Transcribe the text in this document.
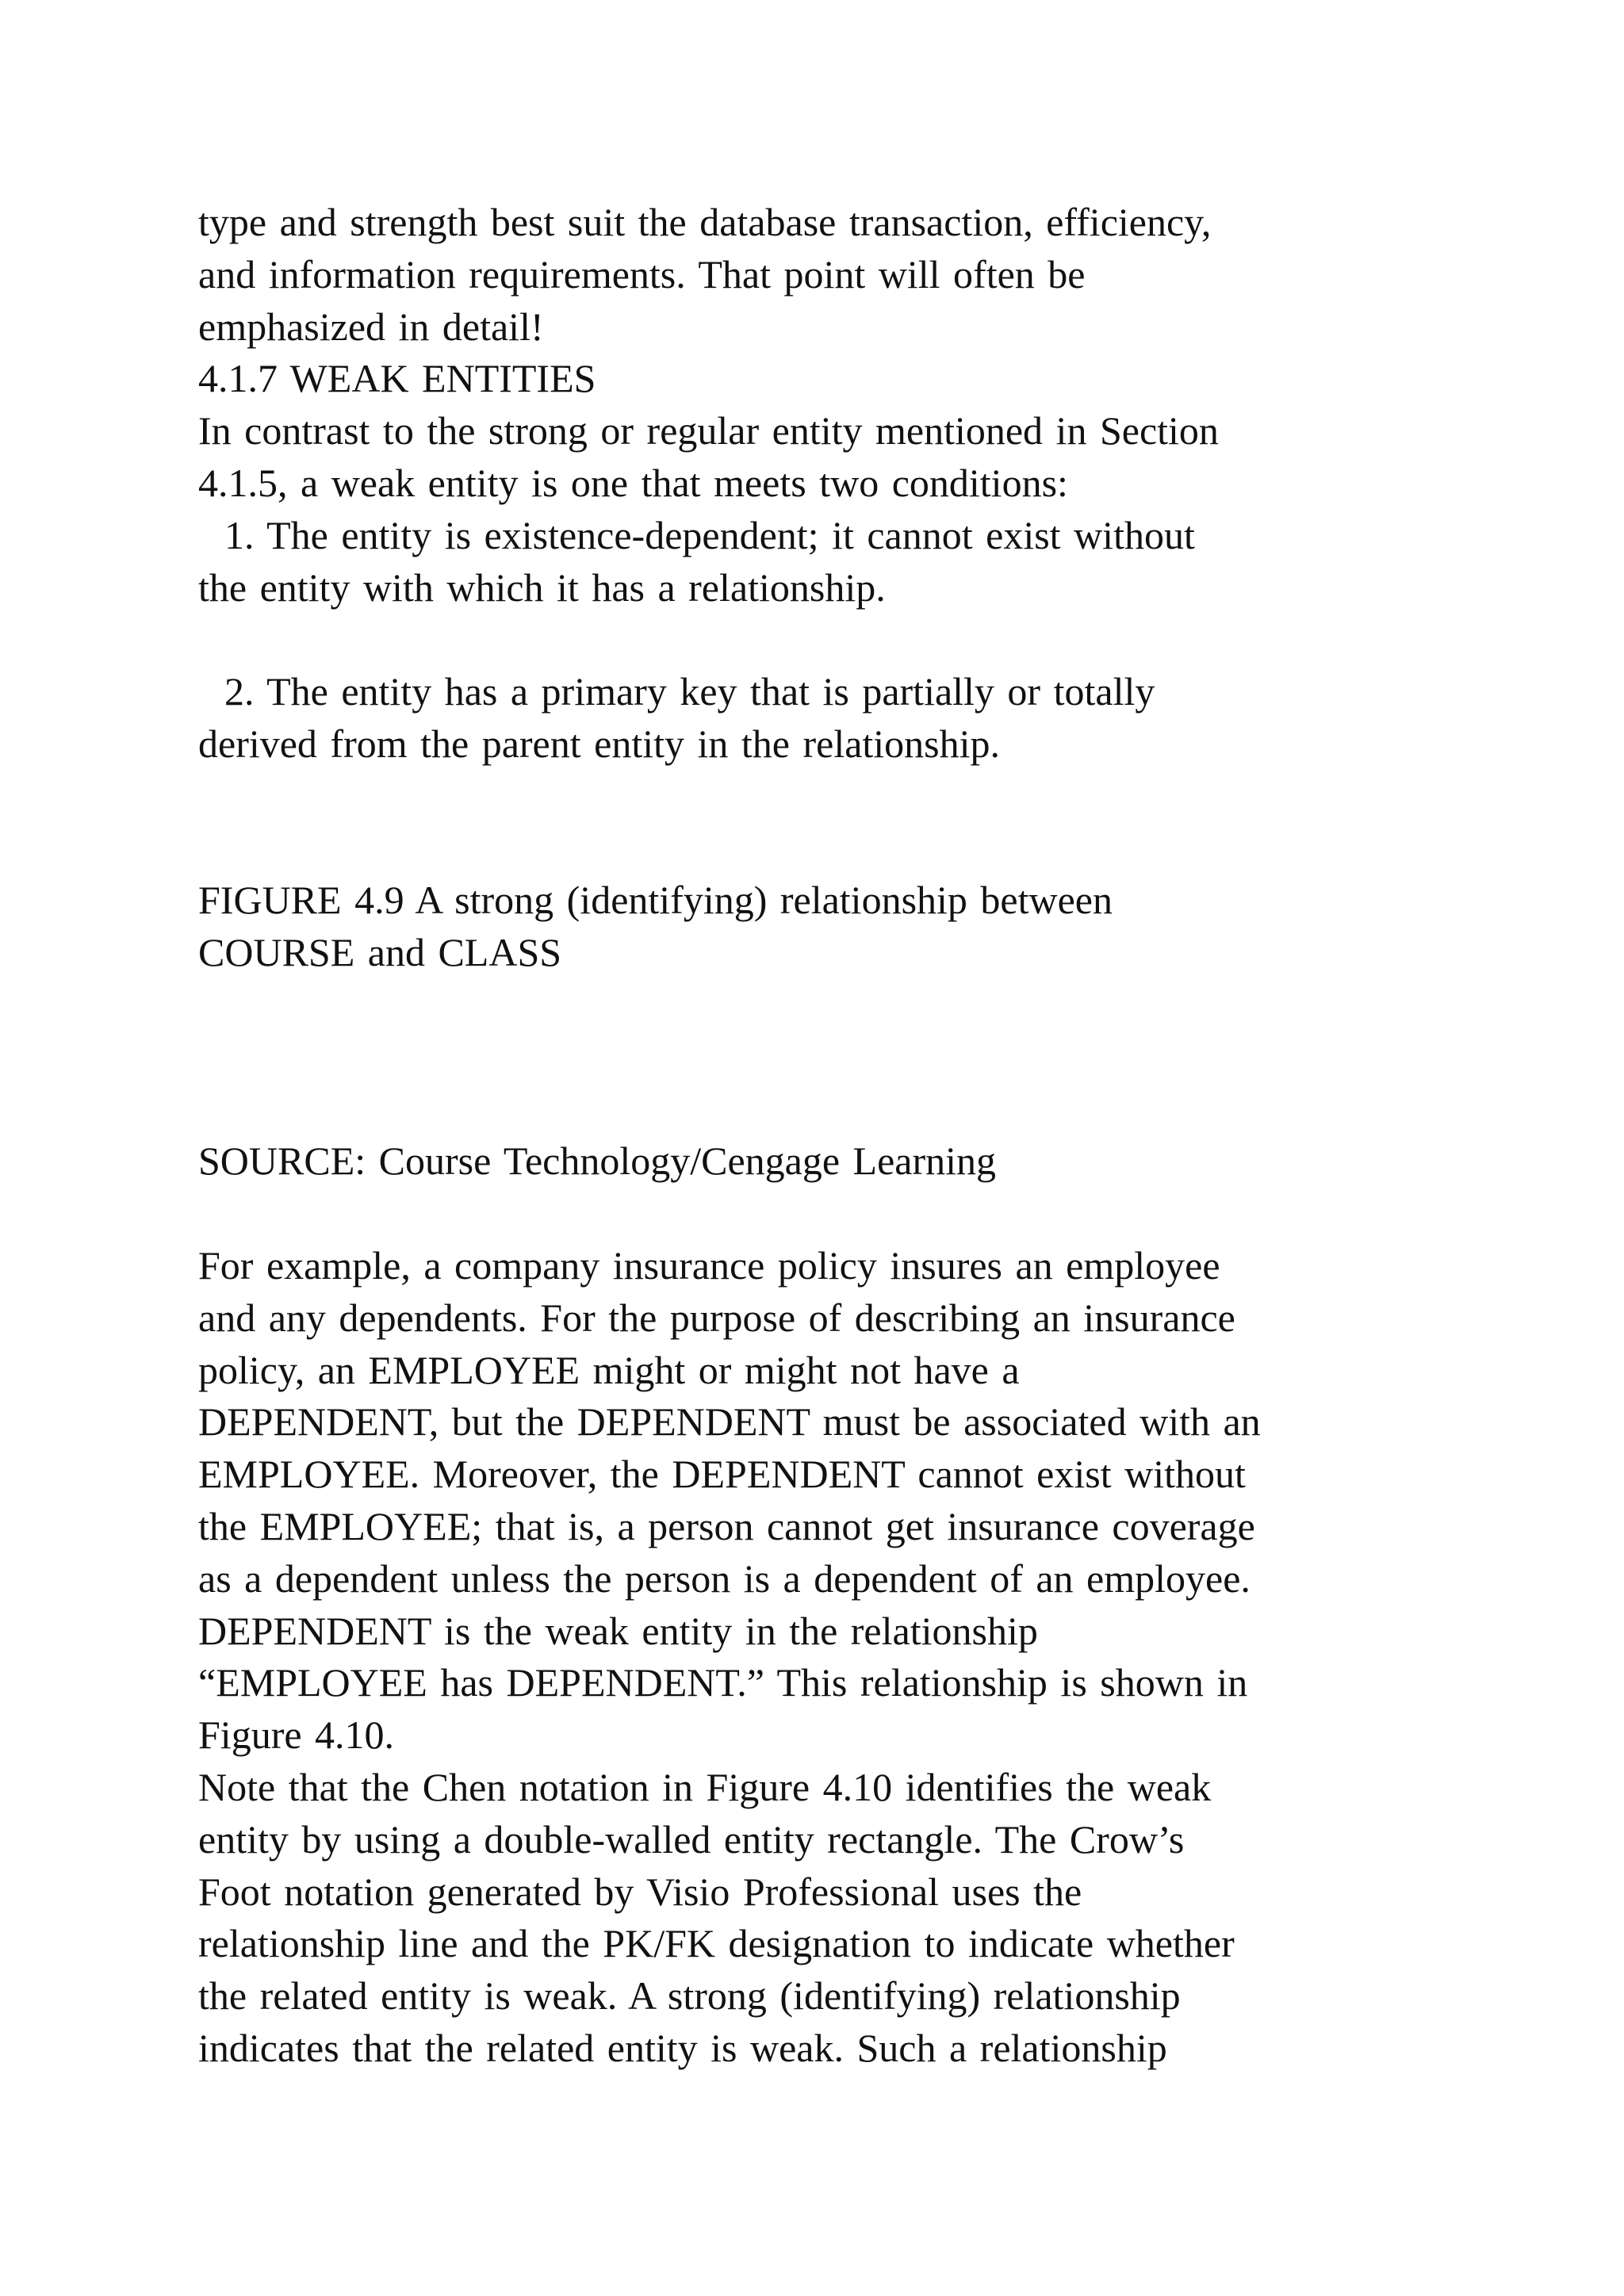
type and strength best suit the database transaction, efficiency,
and information requirements. That point will often be
emphasized in detail!
4.1.7 WEAK ENTITIES
In contrast to the strong or regular entity mentioned in Section
4.1.5, a weak entity is one that meets two conditions:
1. The entity is existence-dependent; it cannot exist without
the entity with which it has a relationship.
2. The entity has a primary key that is partially or totally
derived from the parent entity in the relationship.
FIGURE 4.9 A strong (identifying) relationship between
COURSE and CLASS
SOURCE: Course Technology/Cengage Learning
For example, a company insurance policy insures an employee
and any dependents. For the purpose of describing an insurance
policy, an EMPLOYEE might or might not have a
DEPENDENT, but the DEPENDENT must be associated with an
EMPLOYEE. Moreover, the DEPENDENT cannot exist without
the EMPLOYEE; that is, a person cannot get insurance coverage
as a dependent unless the person is a dependent of an employee.
DEPENDENT is the weak entity in the relationship
“EMPLOYEE has DEPENDENT.” This relationship is shown in
Figure 4.10.
Note that the Chen notation in Figure 4.10 identifies the weak
entity by using a double-walled entity rectangle. The Crow’s
Foot notation generated by Visio Professional uses the
relationship line and the PK/FK designation to indicate whether
the related entity is weak. A strong (identifying) relationship
indicates that the related entity is weak. Such a relationship
